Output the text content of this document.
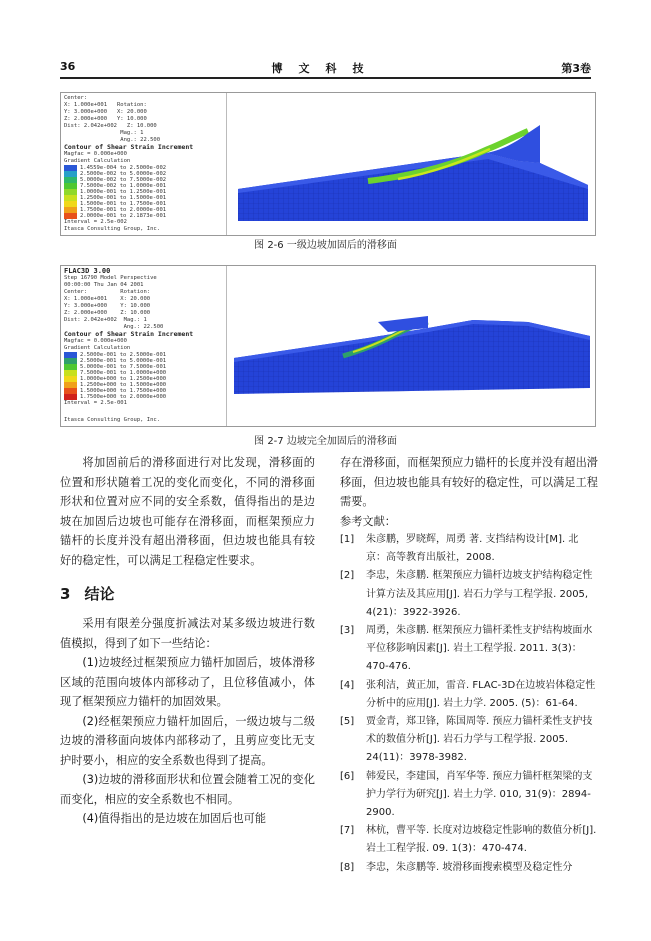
36	博文科技	第3卷
Center:
X: 1.000e+001   Rotation:
Y: 3.000e+000   X: 20.000
Z: 2.000e+000   Y: 10.000
Dist: 2.042e+002   Z: 10.000
Mag.: 1
Ang.: 22.500
Contour of Shear Strain Increment
Magfac = 0.000e+000
Gradient Calculation
1.4559e-004 to 2.5000e-002
2.5000e-002 to 5.0000e-002
5.0000e-002 to 7.5000e-002
7.5000e-002 to 1.0000e-001
1.0000e-001 to 1.2500e-001
1.2500e-001 to 1.5000e-001
1.5000e-001 to 1.7500e-001
1.7500e-001 to 2.0000e-001
2.0000e-001 to 2.1873e-001
Interval = 2.5e-002
Itasca Consulting Group, Inc.
图 2-6 一级边坡加固后的滑移面
FLAC3D 3.00
Step 16790 Model Perspective
00:00:00 Thu Jan 04 2001
Center:          Rotation:
X: 1.000e+001    X: 20.000
Y: 3.000e+000    Y: 10.000
Z: 2.000e+000    Z: 10.000
Dist: 2.042e+002  Mag.: 1
Ang.: 22.500
Contour of Shear Strain Increment
Magfac = 0.000e+000
Gradient Calculation
2.5000e-001 to 2.5000e-001
2.5000e-001 to 5.0000e-001
5.0000e-001 to 7.5000e-001
7.5000e-001 to 1.0000e+000
1.0000e+000 to 1.2500e+000
1.2500e+000 to 1.5000e+000
1.5000e+000 to 1.7500e+000
1.7500e+000 to 2.0000e+000
Interval = 2.5e-001
Itasca Consulting Group, Inc.
图 2-7 边坡完全加固后的滑移面

将加固前后的滑移面进行对比发现，滑移面的位置和形状随着工况的变化而变化，不同的滑移面形状和位置对应不同的安全系数，值得指出的是边坡在加固后边坡也可能存在滑移面，而框架预应力锚杆的长度并没有超出滑移面，但边坡也能具有较好的稳定性，可以满足工程稳定性要求。

3 结论

采用有限差分强度折减法对某多级边坡进行数值模拟，得到了如下一些结论：

(1)边坡经过框架预应力锚杆加固后，坡体滑移区域的范围向坡体内部移动了，且位移值减小，体现了框架预应力锚杆的加固效果。

(2)经框架预应力锚杆加固后，一级边坡与二级边坡的滑移面向坡体内部移动了，且剪应变比无支护时要小，相应的安全系数也得到了提高。

(3)边坡的滑移面形状和位置会随着工况的变化而变化，相应的安全系数也不相同。

(4)值得指出的是边坡在加固后也可能

存在滑移面，而框架预应力锚杆的长度并没有超出滑移面，但边坡也能具有较好的稳定性，可以满足工程需要。

参考文献：

[1] 朱彦鹏，罗晓辉，周勇 著. 支挡结构设计[M]. 北京：高等教育出版社，2008.

[2] 李忠，朱彦鹏. 框架预应力锚杆边坡支护结构稳定性计算方法及其应用[J]. 岩石力学与工程学报. 2005, 4(21)：3922-3926.

[3] 周勇，朱彦鹏. 框架预应力锚杆柔性支护结构坡面水平位移影响因素[J]. 岩土工程学报. 2011. 3(3)：470-476.

[4] 张利洁，黄正加，雷音. FLAC-3D在边坡岩体稳定性分析中的应用[J]. 岩土力学. 2005. (5)：61-64.

[5] 贾金青，郑卫锋，陈国周等. 预应力锚杆柔性支护技术的数值分析[J]. 岩石力学与工程学报. 2005. 24(11)：3978-3982.

[6] 韩爱民，李建国，肖军华等. 预应力锚杆框架梁的支护力学行为研究[J]. 岩土力学. 010, 31(9)：2894-2900.

[7] 林杭，曹平等. 长度对边坡稳定性影响的数值分析[J]. 岩土工程学报. 09. 1(3)：470-474.

[8] 李忠，朱彦鹏等. 坡滑移面搜索模型及稳定性分
